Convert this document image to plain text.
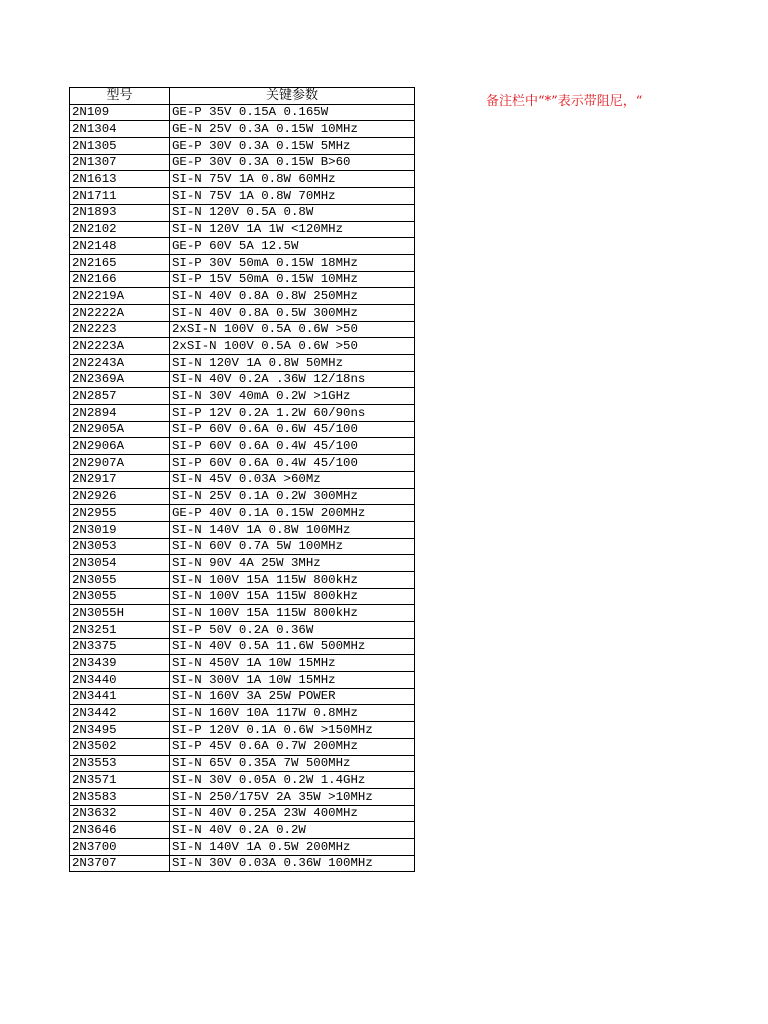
型号	关键参数
2N109	GE-P 35V 0.15A 0.165W
2N1304	GE-N 25V 0.3A 0.15W 10MHz
2N1305	GE-P 30V 0.3A 0.15W 5MHz
2N1307	GE-P 30V 0.3A 0.15W B>60
2N1613	SI-N 75V 1A 0.8W 60MHz
2N1711	SI-N 75V 1A 0.8W 70MHz
2N1893	SI-N 120V 0.5A 0.8W
2N2102	SI-N 120V 1A 1W <120MHz
2N2148	GE-P 60V 5A 12.5W
2N2165	SI-P 30V 50mA 0.15W 18MHz
2N2166	SI-P 15V 50mA 0.15W 10MHz
2N2219A	SI-N 40V 0.8A 0.8W 250MHz
2N2222A	SI-N 40V 0.8A 0.5W 300MHz
2N2223	2xSI-N 100V 0.5A 0.6W >50
2N2223A	2xSI-N 100V 0.5A 0.6W >50
2N2243A	SI-N 120V 1A 0.8W 50MHz
2N2369A	SI-N 40V 0.2A .36W 12/18ns
2N2857	SI-N 30V 40mA 0.2W >1GHz
2N2894	SI-P 12V 0.2A 1.2W 60/90ns
2N2905A	SI-P 60V 0.6A 0.6W 45/100
2N2906A	SI-P 60V 0.6A 0.4W 45/100
2N2907A	SI-P 60V 0.6A 0.4W 45/100
2N2917	SI-N 45V 0.03A >60Mz
2N2926	SI-N 25V 0.1A 0.2W 300MHz
2N2955	GE-P 40V 0.1A 0.15W 200MHz
2N3019	SI-N 140V 1A 0.8W 100MHz
2N3053	SI-N 60V 0.7A 5W 100MHz
2N3054	SI-N 90V 4A 25W 3MHz
2N3055	SI-N 100V 15A 115W 800kHz
2N3055	SI-N 100V 15A 115W 800kHz
2N3055H	SI-N 100V 15A 115W 800kHz
2N3251	SI-P 50V 0.2A 0.36W
2N3375	SI-N 40V 0.5A 11.6W 500MHz
2N3439	SI-N 450V 1A 10W 15MHz
2N3440	SI-N 300V 1A 10W 15MHz
2N3441	SI-N 160V 3A 25W POWER
2N3442	SI-N 160V 10A 117W 0.8MHz
2N3495	SI-P 120V 0.1A 0.6W >150MHz
2N3502	SI-P 45V 0.6A 0.7W 200MHz
2N3553	SI-N 65V 0.35A 7W 500MHz
2N3571	SI-N 30V 0.05A 0.2W 1.4GHz
2N3583	SI-N 250/175V 2A 35W >10MHz
2N3632	SI-N 40V 0.25A 23W 400MHz
2N3646	SI-N 40V 0.2A 0.2W
2N3700	SI-N 140V 1A 0.5W 200MHz
2N3707	SI-N 30V 0.03A 0.36W 100MHz
备注栏中“*”表示带阻尼，“
